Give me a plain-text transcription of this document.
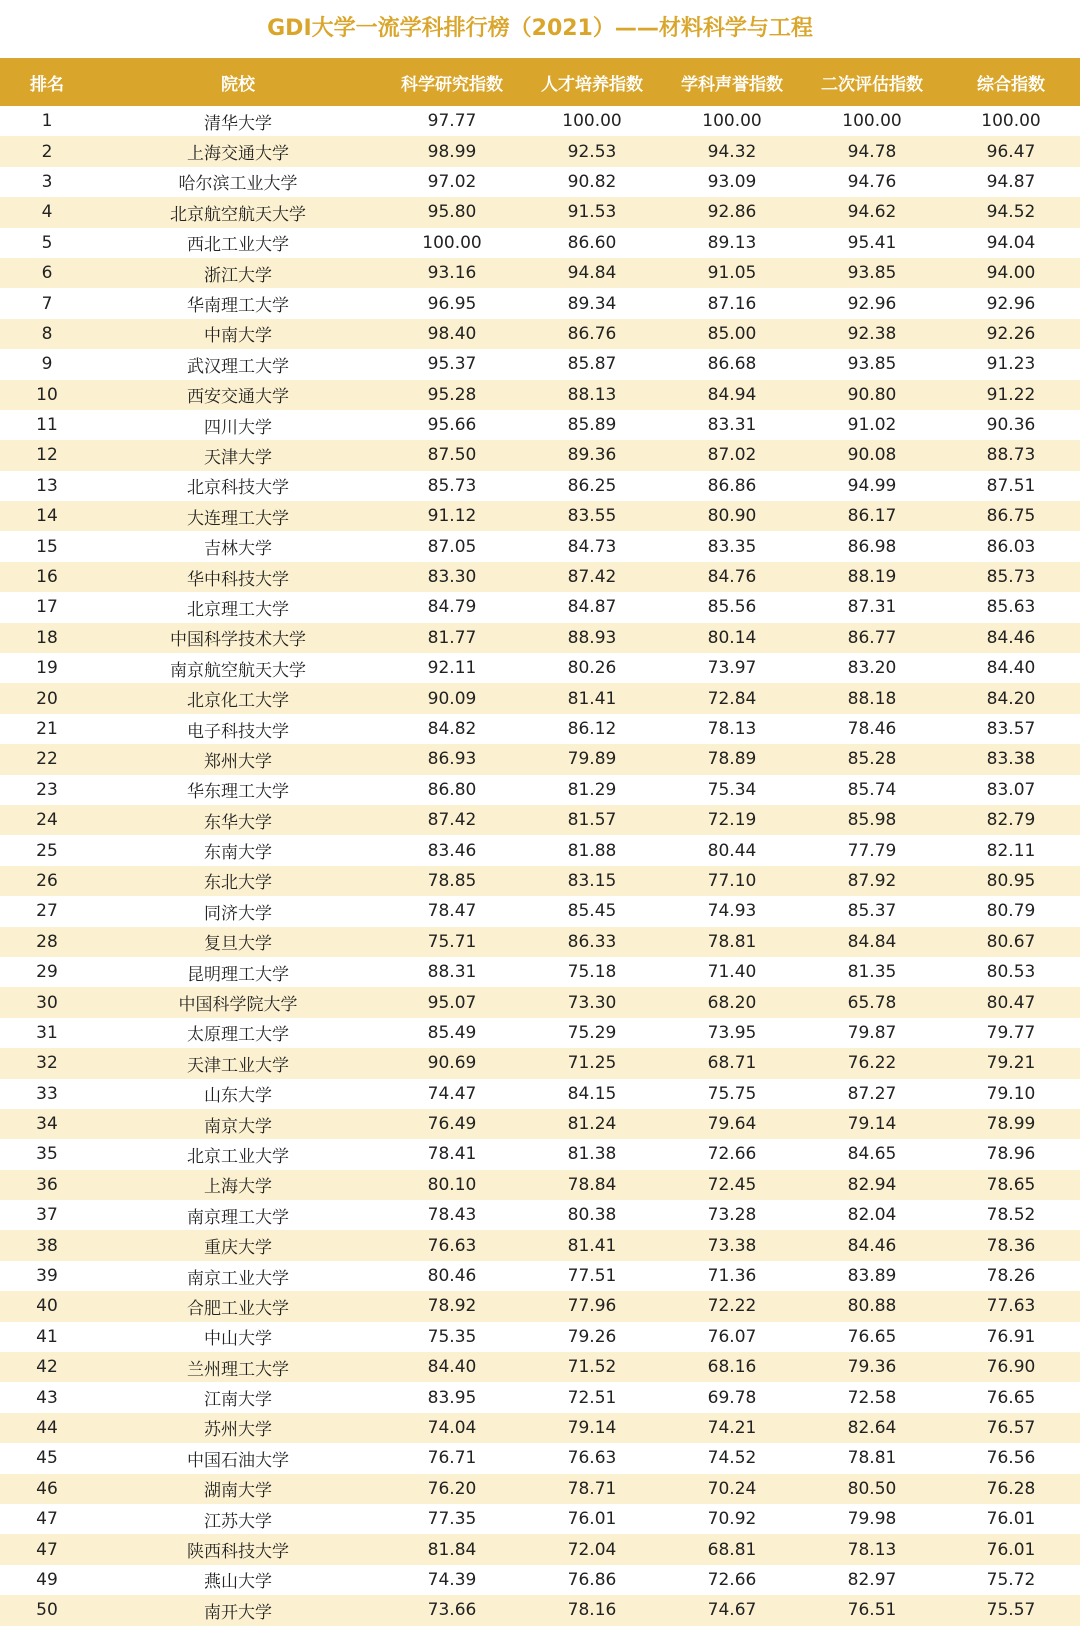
GDI大学一流学科排行榜（2021）——材料科学与工程
排名	院校	科学研究指数	人才培养指数	学科声誉指数	二次评估指数	综合指数
1	清华大学	97.77	100.00	100.00	100.00	100.00
2	上海交通大学	98.99	92.53	94.32	94.78	96.47
3	哈尔滨工业大学	97.02	90.82	93.09	94.76	94.87
4	北京航空航天大学	95.80	91.53	92.86	94.62	94.52
5	西北工业大学	100.00	86.60	89.13	95.41	94.04
6	浙江大学	93.16	94.84	91.05	93.85	94.00
7	华南理工大学	96.95	89.34	87.16	92.96	92.96
8	中南大学	98.40	86.76	85.00	92.38	92.26
9	武汉理工大学	95.37	85.87	86.68	93.85	91.23
10	西安交通大学	95.28	88.13	84.94	90.80	91.22
11	四川大学	95.66	85.89	83.31	91.02	90.36
12	天津大学	87.50	89.36	87.02	90.08	88.73
13	北京科技大学	85.73	86.25	86.86	94.99	87.51
14	大连理工大学	91.12	83.55	80.90	86.17	86.75
15	吉林大学	87.05	84.73	83.35	86.98	86.03
16	华中科技大学	83.30	87.42	84.76	88.19	85.73
17	北京理工大学	84.79	84.87	85.56	87.31	85.63
18	中国科学技术大学	81.77	88.93	80.14	86.77	84.46
19	南京航空航天大学	92.11	80.26	73.97	83.20	84.40
20	北京化工大学	90.09	81.41	72.84	88.18	84.20
21	电子科技大学	84.82	86.12	78.13	78.46	83.57
22	郑州大学	86.93	79.89	78.89	85.28	83.38
23	华东理工大学	86.80	81.29	75.34	85.74	83.07
24	东华大学	87.42	81.57	72.19	85.98	82.79
25	东南大学	83.46	81.88	80.44	77.79	82.11
26	东北大学	78.85	83.15	77.10	87.92	80.95
27	同济大学	78.47	85.45	74.93	85.37	80.79
28	复旦大学	75.71	86.33	78.81	84.84	80.67
29	昆明理工大学	88.31	75.18	71.40	81.35	80.53
30	中国科学院大学	95.07	73.30	68.20	65.78	80.47
31	太原理工大学	85.49	75.29	73.95	79.87	79.77
32	天津工业大学	90.69	71.25	68.71	76.22	79.21
33	山东大学	74.47	84.15	75.75	87.27	79.10
34	南京大学	76.49	81.24	79.64	79.14	78.99
35	北京工业大学	78.41	81.38	72.66	84.65	78.96
36	上海大学	80.10	78.84	72.45	82.94	78.65
37	南京理工大学	78.43	80.38	73.28	82.04	78.52
38	重庆大学	76.63	81.41	73.38	84.46	78.36
39	南京工业大学	80.46	77.51	71.36	83.89	78.26
40	合肥工业大学	78.92	77.96	72.22	80.88	77.63
41	中山大学	75.35	79.26	76.07	76.65	76.91
42	兰州理工大学	84.40	71.52	68.16	79.36	76.90
43	江南大学	83.95	72.51	69.78	72.58	76.65
44	苏州大学	74.04	79.14	74.21	82.64	76.57
45	中国石油大学	76.71	76.63	74.52	78.81	76.56
46	湖南大学	76.20	78.71	70.24	80.50	76.28
47	江苏大学	77.35	76.01	70.92	79.98	76.01
47	陕西科技大学	81.84	72.04	68.81	78.13	76.01
49	燕山大学	74.39	76.86	72.66	82.97	75.72
50	南开大学	73.66	78.16	74.67	76.51	75.57
